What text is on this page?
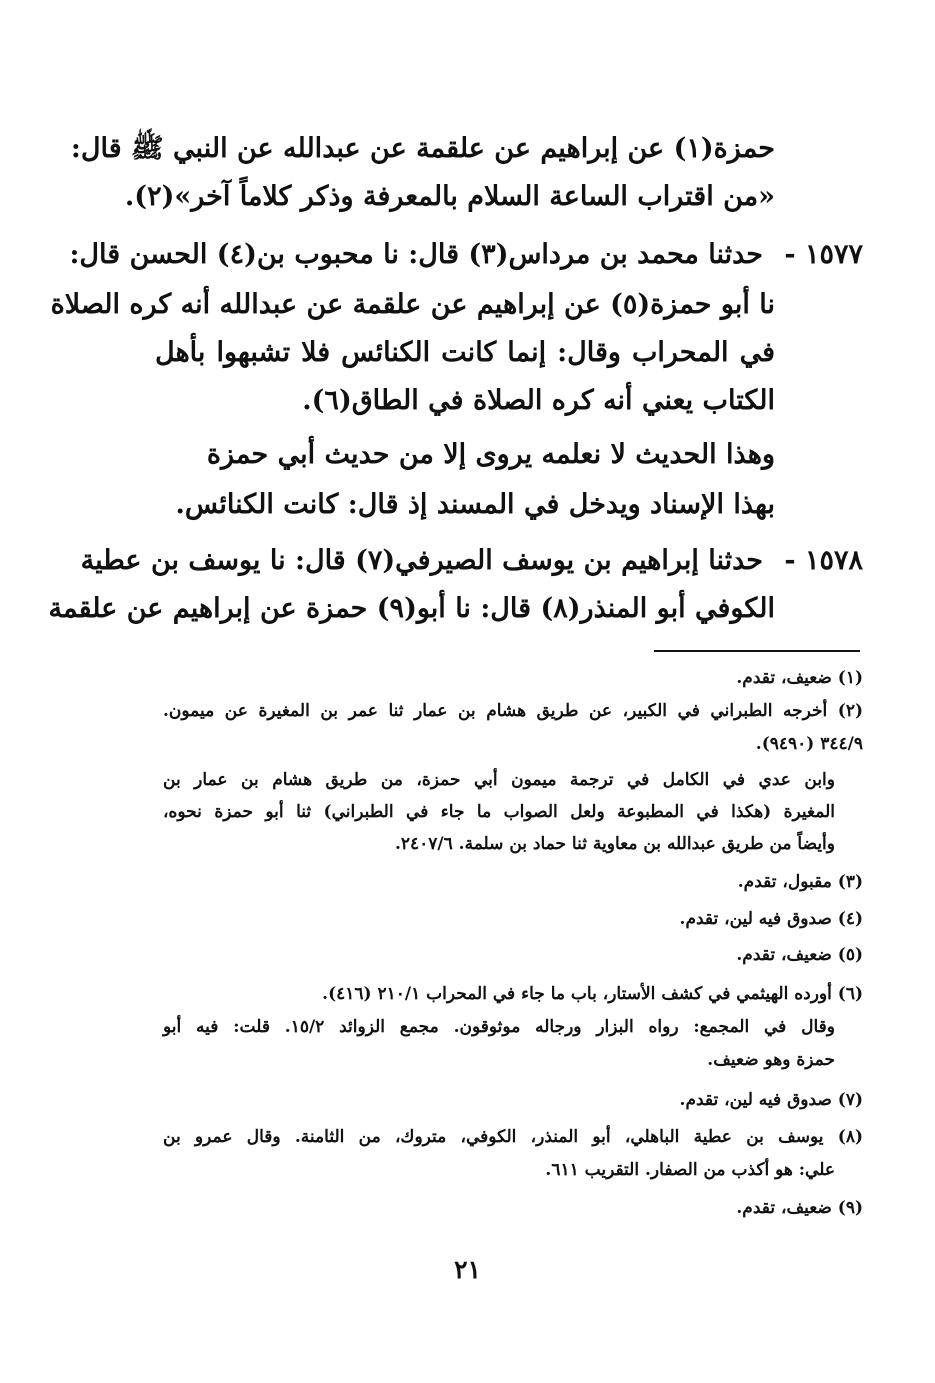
حمزة(١) عن إبراهيم عن علقمة عن عبدالله عن النبي ﷺ قال:
«من اقتراب الساعة السلام بالمعرفة وذكر كلاماً آخر»(٢).
١٥٧٧ -حدثنا محمد بن مرداس(٣) قال: نا محبوب بن(٤) الحسن قال:
نا أبو حمزة(٥) عن إبراهيم عن علقمة عن عبدالله أنه كره الصلاة
في المحراب وقال: إنما كانت الكنائس فلا تشبهوا بأهل
الكتاب يعني أنه كره الصلاة في الطاق(٦).
وهذا الحديث لا نعلمه يروى إلا من حديث أبي حمزة
بهذا الإسناد ويدخل في المسند إذ قال: كانت الكنائس.
١٥٧٨ -حدثنا إبراهيم بن يوسف الصيرفي(٧) قال: نا يوسف بن عطية
الكوفي أبو المنذر(٨) قال: نا أبو(٩) حمزة عن إبراهيم عن علقمة
(١) ضعيف، تقدم.
(٢) أخرجه الطبراني في الكبير، عن طريق هشام بن عمار ثنا عمر بن المغيرة عن ميمون.
٣٤٤/٩ (٩٤٩٠).
وابن عدي في الكامل في ترجمة ميمون أبي حمزة، من طريق هشام بن عمار بن
المغيرة (هكذا في المطبوعة ولعل الصواب ما جاء في الطبراني) ثنا أبو حمزة نحوه،
وأيضاً من طريق عبدالله بن معاوية ثنا حماد بن سلمة. ٢٤٠٧/٦.
(٣) مقبول، تقدم.
(٤) صدوق فيه لين، تقدم.
(٥) ضعيف، تقدم.
(٦) أورده الهيثمي في كشف الأستار، باب ما جاء في المحراب ٢١٠/١ (٤١٦).
وقال في المجمع: رواه البزار ورجاله موثوقون. مجمع الزوائد ١٥/٢. قلت: فيه أبو
حمزة وهو ضعيف.
(٧) صدوق فيه لين، تقدم.
(٨) يوسف بن عطية الباهلي، أبو المنذر، الكوفي، متروك، من الثامنة. وقال عمرو بن
علي: هو أكذب من الصفار. التقريب ٦١١.
(٩) ضعيف، تقدم.
٢١
